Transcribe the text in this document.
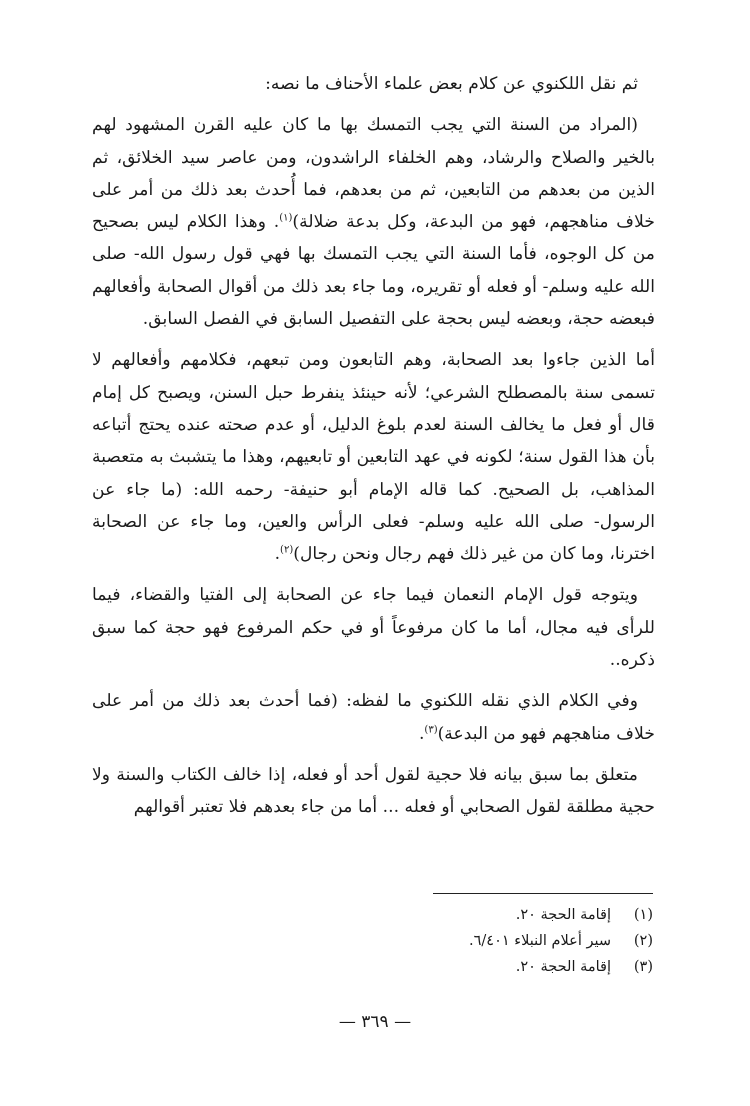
ثم نقل اللكنوي عن كلام بعض علماء الأحناف ما نصه:

(المراد من السنة التي يجب التمسك بها ما كان عليه القرن المشهود لهم بالخير والصلاح والرشاد، وهم الخلفاء الراشدون، ومن عاصر سيد الخلائق، ثم الذين من بعدهم من التابعين، ثم من بعدهم، فما أُحدث بعد ذلك من أمر على خلاف مناهجهم، فهو من البدعة، وكل بدعة ضلالة)$^{(١)}$. وهذا الكلام ليس بصحيح من كل الوجوه، فأما السنة التي يجب التمسك بها فهي قول رسول الله- صلى الله عليه وسلم- أو فعله أو تقريره، وما جاء بعد ذلك من أقوال الصحابة وأفعالهم فبعضه حجة، وبعضه ليس بحجة على التفصيل السابق في الفصل السابق.

أما الذين جاءوا بعد الصحابة، وهم التابعون ومن تبعهم، فكلامهم وأفعالهم لا تسمى سنة بالمصطلح الشرعي؛ لأنه حينئذ ينفرط حبل السنن، ويصبح كل إمام قال أو فعل ما يخالف السنة لعدم بلوغ الدليل، أو عدم صحته عنده يحتج أتباعه بأن هذا القول سنة؛ لكونه في عهد التابعين أو تابعيهم، وهذا ما يتشبث به متعصبة المذاهب، بل الصحيح. كما قاله الإمام أبو حنيفة- رحمه الله: (ما جاء عن الرسول- صلى الله عليه وسلم- فعلى الرأس والعين، وما جاء عن الصحابة اخترنا، وما كان من غير ذلك فهم رجال ونحن رجال)$^{(٢)}$.

ويتوجه قول الإمام النعمان فيما جاء عن الصحابة إلى الفتيا والقضاء، فيما للرأى فيه مجال، أما ما كان مرفوعاً أو في حكم المرفوع فهو حجة كما سبق ذكره..

وفي الكلام الذي نقله اللكنوي ما لفظه: (فما أحدث بعد ذلك من أمر على خلاف مناهجهم فهو من البدعة)$^{(٣)}$.

متعلق بما سبق بيانه فلا حجية لقول أحد أو فعله، إذا خالف الكتاب والسنة ولا حجية مطلقة لقول الصحابي أو فعله ... أما من جاء بعدهم فلا تعتبر أقوالهم

(١)
إقامة الحجة ٢٠.
(٢)
سير أعلام النبلاء ٦/٤٠١.
(٣)
إقامة الحجة ٢٠.
— ٣٦٩ —
